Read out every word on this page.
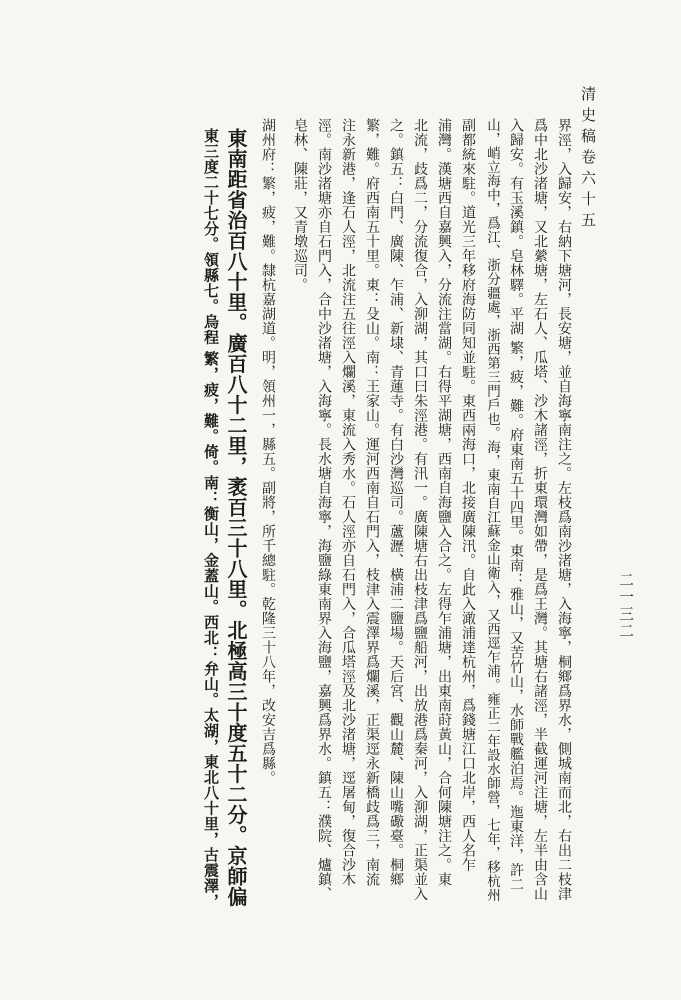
清史稿卷六十五
二一三二
界涇，入歸安，右納下塘河，長安塘，並自海寧南注之。左枝爲南沙渚塘，入海寧，桐鄉爲界水，側城南而北，右出二枝津
爲中北沙渚塘，又北縈塘，左石人、瓜塔、沙木諸涇，折東環灣如帶，是爲王灣。其塘右諸涇，半截運河注塘，左半由含山
入歸安。有玉溪鎮。皂林驛。平湖 繁，疲，難。府東南五十四里。東南：雅山，又苦竹山，水師戰艦泊焉。迤東洋，許二
山，峭立海中，爲江、浙分疆處，浙西第三門戶也。海，東南自江蘇金山衛入，又西逕乍浦。雍正二年設水師營，七年，移杭州
副都統來駐。道光三年移府海防同知並駐。東西兩海口，北接廣陳汛。自此入澉浦達杭州，爲錢塘江口北岸，西人名乍
浦灣。漢塘西自嘉興入，分流注當湖。右得平湖塘，西南自海鹽入合之。左得乍浦塘，出東南莳黃山，合何陳塘注之。東
北流，歧爲二，分流復合，入泖湖，其口曰朱涇港。有汛一。廣陳塘右出枝津爲鹽船河，出放港爲秦河，入泖湖，正渠並入
之。鎮五：白門、廣陳、乍浦、新埭、青蓮寺。有白沙灣巡司。蘆瀝、橫浦二鹽場。天后宮、觀山麓、陳山嘴礮臺。桐鄉
繁，難。府西南五十里。東：殳山。南：王家山。運河西南自石門入，枝津入震澤界爲爛溪，正渠逕永新橋歧爲三，南流
注永新港，逢石人涇，北流注五往涇入爛溪，東流入秀水。石人涇亦自石門入，合瓜塔涇及北沙渚塘，逕屠甸，復合沙木
涇。南沙渚塘亦自石門入，合中沙渚塘，入海寧。長水塘自海寧，海鹽綠東南界入海鹽，嘉興爲界水。鎮五：濮院、爐鎮、
皂林、陳莊，又青墩巡司。
湖州府：繁，疲，難。隸杭嘉湖道。明，領州一，縣五。副將，所千總駐。乾隆三十八年，改安吉爲縣。
東南距省治百八十里。廣百八十二里，袤百三十八里。北極高三十度五十二分。京師偏
東三度二十七分。領縣七。烏程 繁，疲，難。倚。南：衡山，金蓋山。西北：弁山。太湖，東北八十里，古震澤，
